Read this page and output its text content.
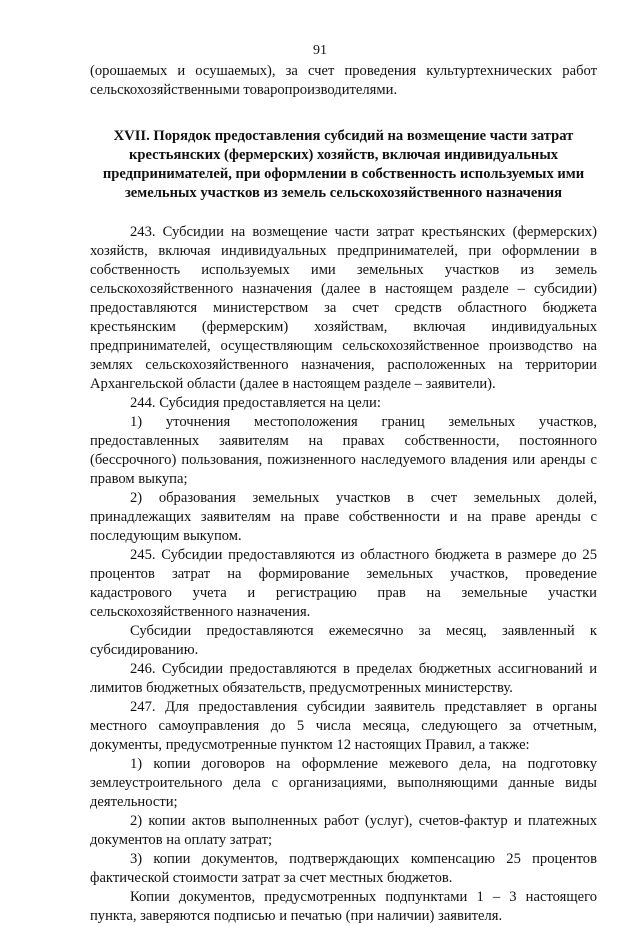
91

(орошаемых и осушаемых), за счет проведения культуртехнических работ сельскохозяйственными товаропроизводителями.

XVII. Порядок предоставления субсидий на возмещение части затрат крестьянских (фермерских) хозяйств, включая индивидуальных предпринимателей, при оформлении в собственность используемых ими земельных участков из земель сельскохозяйственного назначения

243. Субсидии на возмещение части затрат крестьянских (фермерских) хозяйств, включая индивидуальных предпринимателей, при оформлении в собственность используемых ими земельных участков из земель сельскохозяйственного назначения (далее в настоящем разделе – субсидии) предоставляются министерством за счет средств областного бюджета крестьянским (фермерским) хозяйствам, включая индивидуальных предпринимателей, осуществляющим сельскохозяйственное производство на землях сельскохозяйственного назначения, расположенных на территории Архангельской области (далее в настоящем разделе – заявители).

244. Субсидия предоставляется на цели:

1) уточнения местоположения границ земельных участков, предоставленных заявителям на правах собственности, постоянного (бессрочного) пользования, пожизненного наследуемого владения или аренды с правом выкупа;

2) образования земельных участков в счет земельных долей, принадлежащих заявителям на праве собственности и на праве аренды с последующим выкупом.

245. Субсидии предоставляются из областного бюджета в размере до 25 процентов затрат на формирование земельных участков, проведение кадастрового учета и регистрацию прав на земельные участки сельскохозяйственного назначения.

Субсидии предоставляются ежемесячно за месяц, заявленный к субсидированию.

246. Субсидии предоставляются в пределах бюджетных ассигнований и лимитов бюджетных обязательств, предусмотренных министерству.

247. Для предоставления субсидии заявитель представляет в органы местного самоуправления до 5 числа месяца, следующего за отчетным, документы, предусмотренные пунктом 12 настоящих Правил, а также:

1) копии договоров на оформление межевого дела, на подготовку землеустроительного дела с организациями, выполняющими данные виды деятельности;

2) копии актов выполненных работ (услуг), счетов-фактур и платежных документов на оплату затрат;

3) копии документов, подтверждающих компенсацию 25 процентов фактической стоимости затрат за счет местных бюджетов.

Копии документов, предусмотренных подпунктами 1 – 3 настоящего пункта, заверяются подписью и печатью (при наличии) заявителя.
